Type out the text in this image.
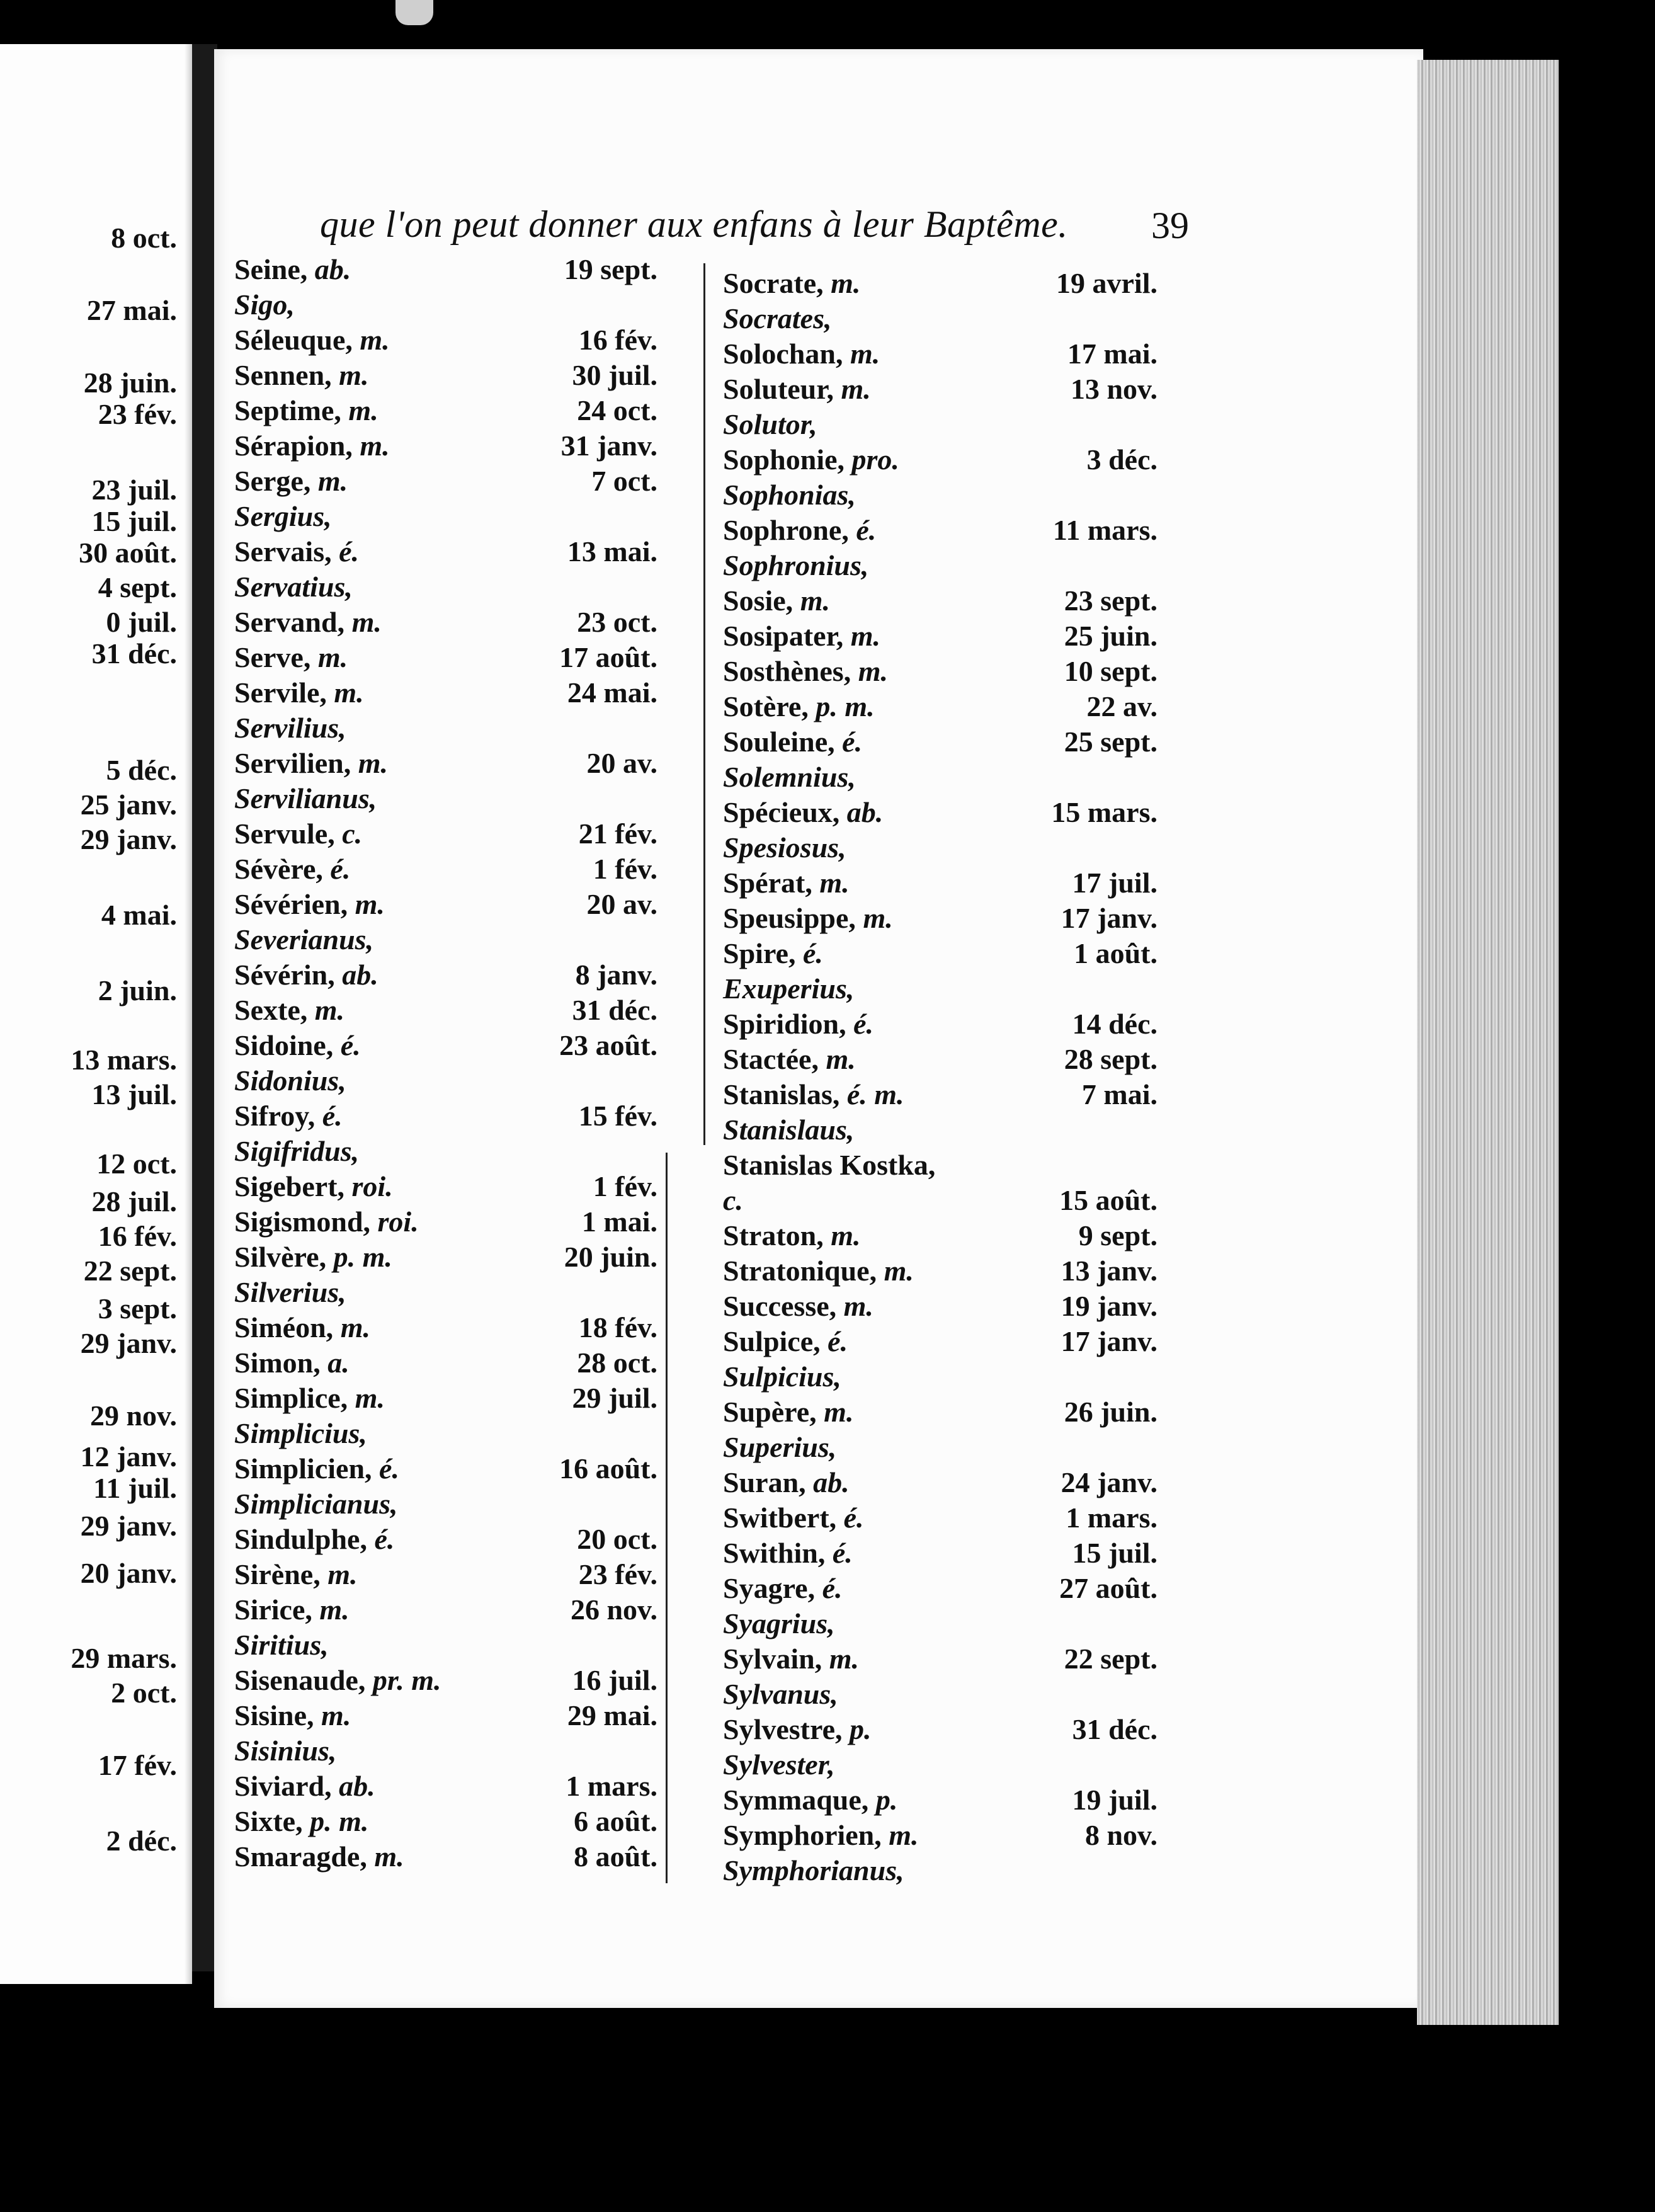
8 oct.
27 mai.
28 juin.
23 fév.
23 juil.
15 juil.
30 août.
4 sept.
0 juil.
31 déc.
5 déc.
25 janv.
29 janv.
4 mai.
2 juin.
13 mars.
13 juil.
12 oct.
28 juil.
16 fév.
22 sept.
3 sept.
29 janv.
29 nov.
12 janv.
11 juil.
29 janv.
20 janv.
29 mars.
2 oct.
17 fév.
2 déc.
que l'on peut donner aux enfans à leur Baptême. 39
Seine, ab.	19 sept.
Sigo,
Séleuque, m.	16 fév.
Sennen, m.	30 juil.
Septime, m.	24 oct.
Sérapion, m.	31 janv.
Serge, m.	7 oct.
Sergius,
Servais, é.	13 mai.
Servatius,
Servand, m.	23 oct.
Serve, m.	17 août.
Servile, m.	24 mai.
Servilius,
Servilien, m.	20 av.
Servilianus,
Servule, c.	21 fév.
Sévère, é.	1 fév.
Sévérien, m.	20 av.
Severianus,
Sévérin, ab.	8 janv.
Sexte, m.	31 déc.
Sidoine, é.	23 août.
Sidonius,
Sifroy, é.	15 fév.
Sigifridus,
Sigebert, roi.	1 fév.
Sigismond, roi.	1 mai.
Silvère, p. m.	20 juin.
Silverius,
Siméon, m.	18 fév.
Simon, a.	28 oct.
Simplice, m.	29 juil.
Simplicius,
Simplicien, é.	16 août.
Simplicianus,
Sindulphe, é.	20 oct.
Sirène, m.	23 fév.
Sirice, m.	26 nov.
Siritius,
Sisenaude, pr. m.	16 juil.
Sisine, m.	29 mai.
Sisinius,
Siviard, ab.	1 mars.
Sixte, p. m.	6 août.
Smaragde, m.	8 août.
Socrate, m.	19 avril.
Socrates,
Solochan, m.	17 mai.
Soluteur, m.	13 nov.
Solutor,
Sophonie, pro.	3 déc.
Sophonias,
Sophrone, é.	11 mars.
Sophronius,
Sosie, m.	23 sept.
Sosipater, m.	25 juin.
Sosthènes, m.	10 sept.
Sotère, p. m.	22 av.
Souleine, é.	25 sept.
Solemnius,
Spécieux, ab.	15 mars.
Spesiosus,
Spérat, m.	17 juil.
Speusippe, m.	17 janv.
Spire, é.	1 août.
Exuperius,
Spiridion, é.	14 déc.
Stactée, m.	28 sept.
Stanislas, é. m.	7 mai.
Stanislaus,
Stanislas Kostka,
c.	15 août.
Straton, m.	9 sept.
Stratonique, m.	13 janv.
Successe, m.	19 janv.
Sulpice, é.	17 janv.
Sulpicius,
Supère, m.	26 juin.
Superius,
Suran, ab.	24 janv.
Switbert, é.	1 mars.
Swithin, é.	15 juil.
Syagre, é.	27 août.
Syagrius,
Sylvain, m.	22 sept.
Sylvanus,
Sylvestre, p.	31 déc.
Sylvester,
Symmaque, p.	19 juil.
Symphorien, m.	8 nov.
Symphorianus,
